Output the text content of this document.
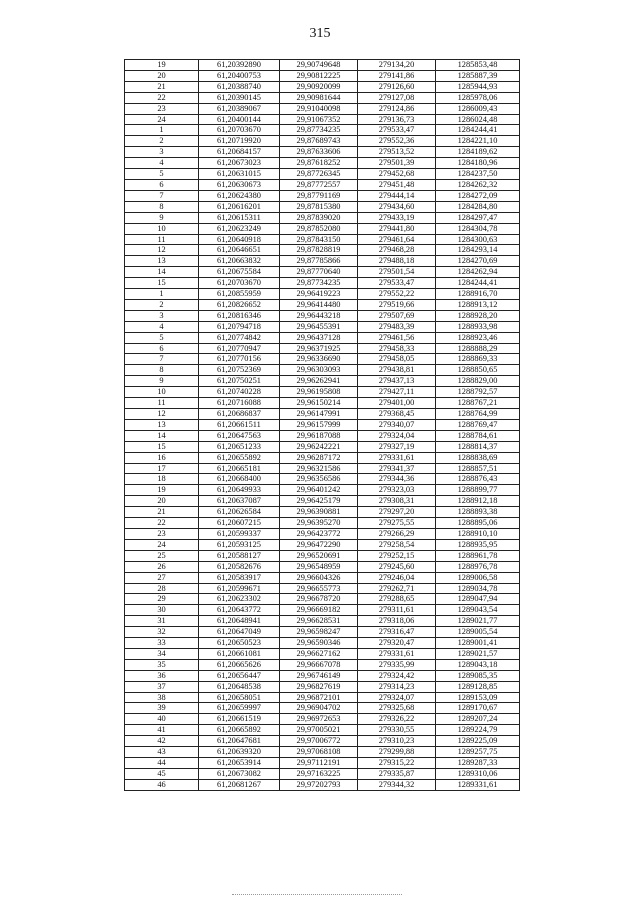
315
19	61,20392890	29,90749648	279134,20	1285853,48
20	61,20400753	29,90812225	279141,86	1285887,39
21	61,20388740	29,90920099	279126,60	1285944,93
22	61,20390145	29,90981644	279127,08	1285978,06
23	61,20389067	29,91040098	279124,86	1286009,43
24	61,20400144	29,91067352	279136,73	1286024,48
1	61,20703670	29,87734235	279533,47	1284244,41
2	61,20719920	29,87689743	279552,36	1284221,10
3	61,20684157	29,87633606	279513,52	1284189,62
4	61,20673023	29,87618252	279501,39	1284180,96
5	61,20631015	29,87726345	279452,68	1284237,50
6	61,20630673	29,87772557	279451,48	1284262,32
7	61,20624380	29,87791169	279444,14	1284272,09
8	61,20616201	29,87815380	279434,60	1284284,80
9	61,20615311	29,87839020	279433,19	1284297,47
10	61,20623249	29,87852080	279441,80	1284304,78
11	61,20640918	29,87843150	279461,64	1284300,63
12	61,20646651	29,87828819	279468,28	1284293,14
13	61,20663832	29,87785866	279488,18	1284270,69
14	61,20675584	29,87770640	279501,54	1284262,94
15	61,20703670	29,87734235	279533,47	1284244,41
1	61,20855959	29,96419223	279552,22	1288916,70
2	61,20826652	29,96414480	279519,66	1288913,12
3	61,20816346	29,96443218	279507,69	1288928,20
4	61,20794718	29,96455391	279483,39	1288933,98
5	61,20774842	29,96437128	279461,56	1288923,46
6	61,20770947	29,96371925	279458,33	1288888,29
7	61,20770156	29,96336690	279458,05	1288869,33
8	61,20752369	29,96303093	279438,81	1288850,65
9	61,20750251	29,96262941	279437,13	1288829,00
10	61,20740228	29,96195808	279427,11	1288792,57
11	61,20716088	29,96150214	279401,00	1288767,21
12	61,20686837	29,96147991	279368,45	1288764,99
13	61,20661511	29,96157999	279340,07	1288769,47
14	61,20647563	29,96187088	279324,04	1288784,61
15	61,20651233	29,96242221	279327,19	1288814,37
16	61,20655892	29,96287172	279331,61	1288838,69
17	61,20665181	29,96321586	279341,37	1288857,51
18	61,20668400	29,96356586	279344,36	1288876,43
19	61,20649933	29,96401242	279323,03	1288899,77
20	61,20637087	29,96425179	279308,31	1288912,18
21	61,20626584	29,96390881	279297,20	1288893,38
22	61,20607215	29,96395270	279275,55	1288895,06
23	61,20599337	29,96423772	279266,29	1288910,10
24	61,20593125	29,96472290	279258,54	1288935,95
25	61,20588127	29,96520691	279252,15	1288961,78
26	61,20582676	29,96548959	279245,60	1288976,78
27	61,20583917	29,96604326	279246,04	1289006,58
28	61,20599671	29,96655773	279262,71	1289034,78
29	61,20623302	29,96678720	279288,65	1289047,94
30	61,20643772	29,96669182	279311,61	1289043,54
31	61,20648941	29,96628531	279318,06	1289021,77
32	61,20647049	29,96598247	279316,47	1289005,54
33	61,20650523	29,96590346	279320,47	1289001,41
34	61,20661081	29,96627162	279331,61	1289021,57
35	61,20665626	29,96667078	279335,99	1289043,18
36	61,20656447	29,96746149	279324,42	1289085,35
37	61,20648538	29,96827619	279314,23	1289128,85
38	61,20658051	29,96872101	279324,07	1289153,09
39	61,20659997	29,96904702	279325,68	1289170,67
40	61,20661519	29,96972653	279326,22	1289207,24
41	61,20665892	29,97005021	279330,55	1289224,79
42	61,20647681	29,97006772	279310,23	1289225,09
43	61,20639320	29,97068108	279299,88	1289257,75
44	61,20653914	29,97112191	279315,22	1289287,33
45	61,20673082	29,97163225	279335,87	1289310,06
46	61,20681267	29,97202793	279344,32	1289331,61
